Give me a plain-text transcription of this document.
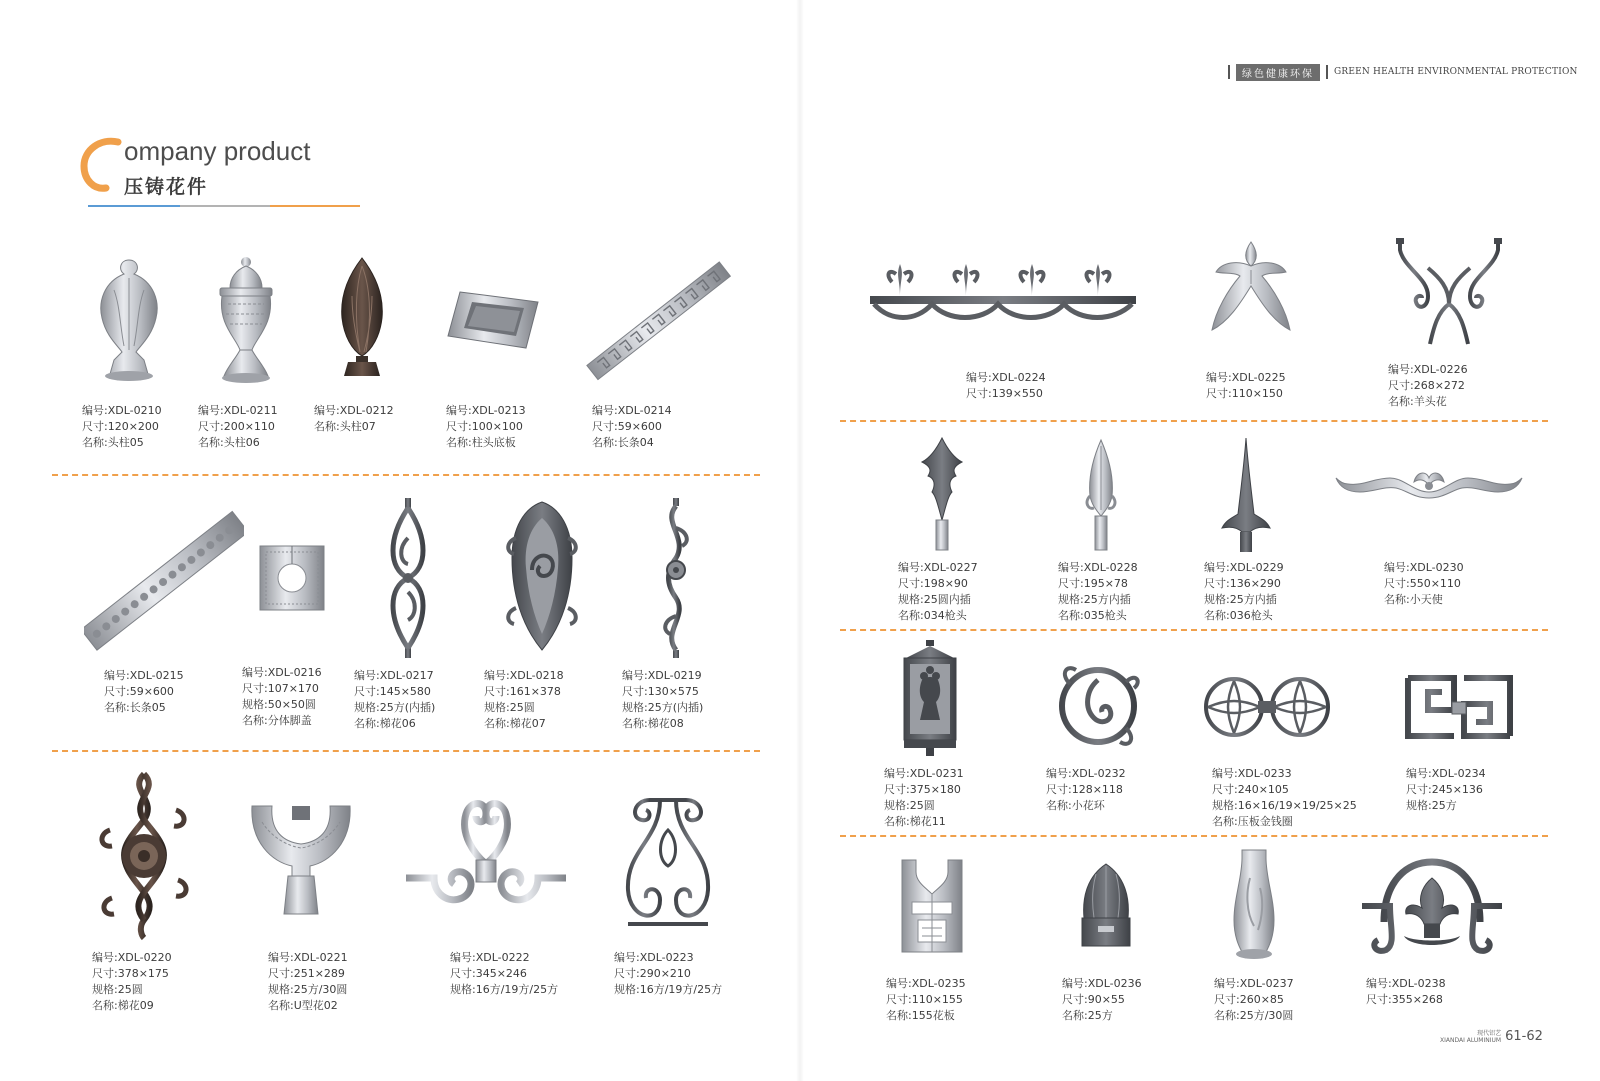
绿色健康环保	GREEN HEALTH ENVIRONMENTAL PROTECTION
ompany product
压铸花件
编号:XDL-0210
尺寸:120×200
名称:头柱05
编号:XDL-0211
尺寸:200×110
名称:头柱06
编号:XDL-0212
名称:头柱07
编号:XDL-0213
尺寸:100×100
名称:柱头底板
编号:XDL-0214
尺寸:59×600
名称:长条04
编号:XDL-0215
尺寸:59×600
名称:长条05
编号:XDL-0216
尺寸:107×170
规格:50×50圆
名称:分体脚盖
编号:XDL-0217
尺寸:145×580
规格:25方(内插)
名称:梯花06
编号:XDL-0218
尺寸:161×378
规格:25圆
名称:梯花07
编号:XDL-0219
尺寸:130×575
规格:25方(内插)
名称:梯花08
编号:XDL-0220
尺寸:378×175
规格:25圆
名称:梯花09
编号:XDL-0221
尺寸:251×289
规格:25方/30圆
名称:U型花02
编号:XDL-0222
尺寸:345×246
规格:16方/19方/25方
编号:XDL-0223
尺寸:290×210
规格:16方/19方/25方
编号:XDL-0224
尺寸:139×550
编号:XDL-0225
尺寸:110×150
编号:XDL-0226
尺寸:268×272
名称:羊头花
编号:XDL-0227
尺寸:198×90
规格:25圆内插
名称:034枪头
编号:XDL-0228
尺寸:195×78
规格:25方内插
名称:035枪头
编号:XDL-0229
尺寸:136×290
规格:25方内插
名称:036枪头
编号:XDL-0230
尺寸:550×110
名称:小天使
编号:XDL-0231
尺寸:375×180
规格:25圆
名称:梯花11
编号:XDL-0232
尺寸:128×118
名称:小花环
编号:XDL-0233
尺寸:240×105
规格:16×16/19×19/25×25
名称:压板金钱圈
编号:XDL-0234
尺寸:245×136
规格:25方
编号:XDL-0235
尺寸:110×155
名称:155花板
编号:XDL-0236
尺寸:90×55
名称:25方
编号:XDL-0237
尺寸:260×85
名称:25方/30圆
编号:XDL-0238
尺寸:355×268
现代铝艺
XIANDAI ALUMINIUM 61-62
